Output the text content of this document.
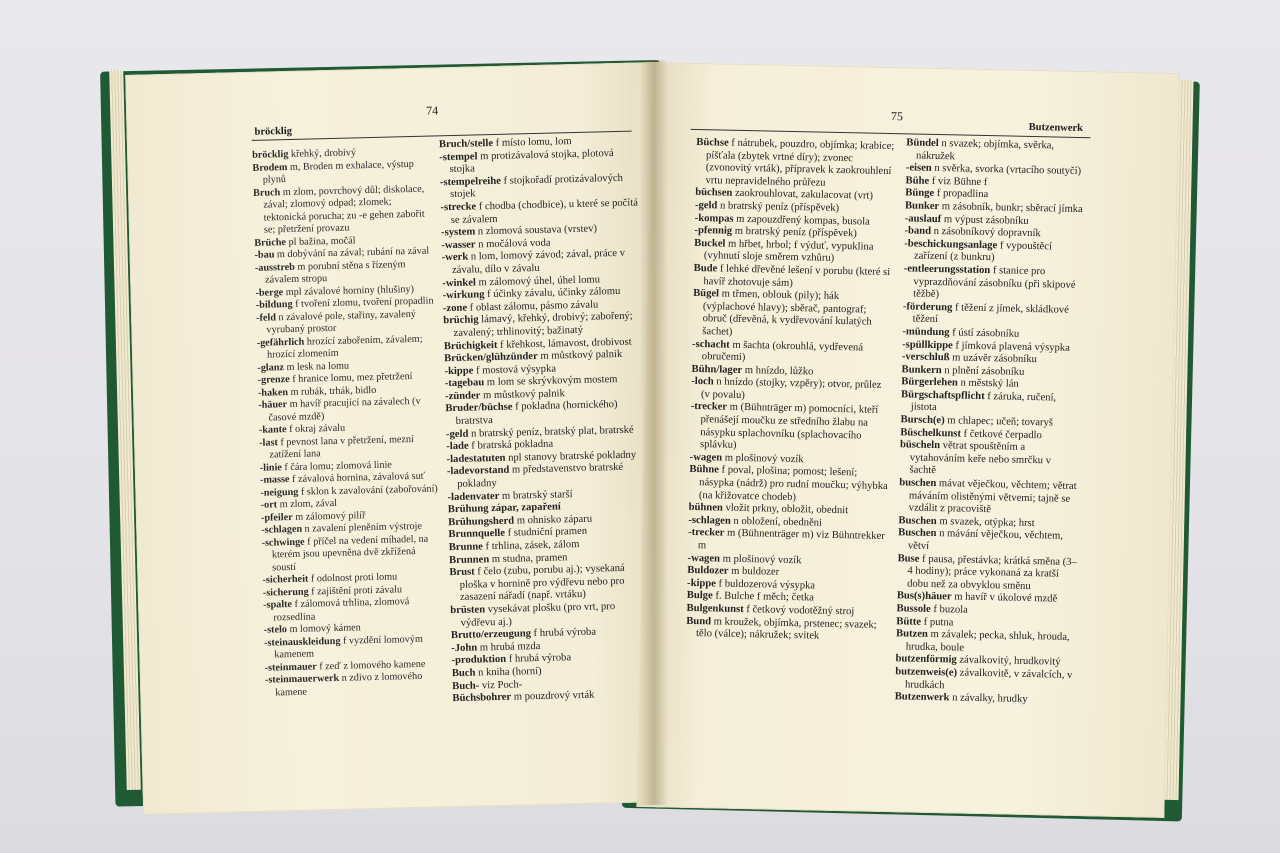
bröcklig
74

bröcklig křehký, drobivý

Brodem m, Broden m exhalace, výstup plynů

Bruch m zlom, povrchový důl; diskolace, zával; zlomový odpad; zlomek; tektonická porucha; zu -e gehen zabořit se; přetržení provazu

Brüche pl bažina, močál

-bau m dobývání na zával; rubání na zával

-ausstreb m porubní stěna s řízeným závalem stropu

-berge mpl závalové horniny (hlušiny)

-bildung f tvoření zlomu, tvoření propadlin

-feld n závalové pole, stařiny, zavalený vyrubaný prostor

-gefährlich hrozící zabořením, závalem; hrozící zlomením

-glanz m lesk na lomu

-grenze f hranice lomu, mez přetržení

-haken m rubák, trhák, bidlo

-häuer m havíř pracující na závalech (v časové mzdě)

-kante f okraj závalu

-last f pevnost lana v přetržení, mezní zatížení lana

-linie f čára lomu; zlomová linie

-masse f závalová hornina, závalová suť

-neigung f sklon k zavalování (zabořování)

-ort m zlom, zával

-pfeiler m zálomový pilíř

-schlagen n zavalení pleněním výstroje

-schwinge f příčel na vedení míhadel, na kterém jsou upevněna dvě zkřížená soustí

-sicherheit f odolnost proti lomu

-sicherung f zajištění proti závalu

-spalte f zálomová trhlina, zlomová rozsedlina

-stelo m lomový kámen

-steinauskleidung f vyzdění lomovým kamenem

-steinmauer f zeď z lomového kamene

-steinmauerwerk n zdivo z lomového kamene

Bruch/stelle f místo lomu, lom

-stempel m protizávalová stojka, plotová stojka

-stempelreihe f stojkořadí protizávalových stojek

-strecke f chodba (chodbice), u které se počítá se závalem

-system n zlomová soustava (vrstev)

-wasser n močálová voda

-werk n lom, lomový závod; zával, práce v závalu, dílo v závalu

-winkel m zálomový úhel, úhel lomu

-wirkung f účinky závalu, účinky zálomu

-zone f oblast zálomu, pásmo závalu

brüchig lámavý, křehký, drobivý; zabořený; zavalený; trhlinovitý; bažinatý

Brüchigkeit f křehkost, lámavost, drobivost

Brücken/glühzünder m můstkový palnik

-kippe f mostová výsypka

-tagebau m lom se skrývkovým mostem

-zünder m můstkový palnik

Bruder/büchse f pokladna (hornického) bratrstva

-geld n bratrský peníz, bratský plat, bratrské

-lade f bratrská pokladna

-ladestatuten npl stanovy bratrské pokladny

-ladevorstand m představenstvo bratrské pokladny

-ladenvater m bratrský starší

Brühung zápar, zapaření

Brühungsherd m ohnisko záparu

Brunnquelle f studniční pramen

Brunne f trhlina, zásek, zálom

Brunnen m studna, pramen

Brust f čelo (zubu, porubu aj.); vysekaná ploška v hornině pro výdřevu nebo pro zasazení nářadí (např. vrtáku)

brüsten vysekávat plošku (pro vrt, pro výdřevu aj.)

Brutto/erzeugung f hrubá výroba

-John m hrubá mzda

-produktion f hrubá výroba

Buch n kniha (horní)

Buch- viz Poch-

Büchsbohrer m pouzdrový vrták

75
Butzenwerk

Büchse f nátrubek, pouzdro, objímka; krabice; píšťala (zbytek vrtné díry); zvonec (zvonovitý vrták), přípravek k zaokrouhlení vrtu nepravidelného průřezu

büchsen zaokrouhlovat, zakulacovat (vrt)

-geld n bratrský peníz (příspěvek)

-kompas m zapouzdřený kompas, busola

-pfennig m bratrský peníz (příspěvek)

Buckel m hřbet, hrbol; f výduť, vypuklina (vyhnutí sloje směrem vzhůru)

Bude f lehké dřevěné lešení v porubu (které si havíř zhotovuje sám)

Bügel m třmen, oblouk (pily); hák (výplachové hlavy); sběrač, pantograf; obruč (dřevěná, k vydřevování kulatých šachet)

-schacht m šachta (okrouhlá, vydřevená obručemi)

Bühn/lager m hnízdo, lůžko

-loch n hnízdo (stojky, vzpěry); otvor, průlez (v povalu)

-trecker m (Bühnträger m) pomocníci, kteří přenášejí moučku ze středního žlabu na násypku splachovníku (splachovacího splávku)

-wagen m plošinový vozík

Bühne f poval, plošina; pomost; lešení; násypka (nádrž) pro rudní moučku; výhybka (na křižovatce chodeb)

bühnen vložit prkny, obložit, obednit

-schlagen n obložení, obedněni

-trecker m (Bühnenträger m) viz Bühntrekker m

-wagen m plošinový vozík

Buldozer m buldozer

-kippe f buldozerová výsypka

Bulge f. Bulche f měch; četka

Bulgenkunst f četkový vodotěžný stroj

Bund m kroužek, objímka, prstenec; svazek; tělo (válce); nákružek; svitek

Bündel n svazek; objímka, svěrka, nákružek

-eisen n svěrka, svorka (vrtacího soutyčí)

Bühe f viz Bühne f

Bünge f propadlina

Bunker m zásobník, bunkr; sběrací jímka

-auslauf m výpust zásobníku

-band n zásobníkový dopravník

-beschickungsanlage f vypouštěcí zařízení (z bunkru)

-entleerungsstation f stanice pro vyprazdňování zásobníku (při skipové těžbě)

-förderung f těžení z jímek, skládkové těžení

-mündung f ústí zásobníku

-spüllkippe f jímková plavená výsypka

-verschluß m uzávěr zásobníku

Bunkern n plnění zásobníku

Bürgerlehen n městský lán

Bürgschaftspflicht f záruka, ručení, jistota

Bursch(e) m chlapec; učeň; tovaryš

Büschelkunst f četkové čerpadlo

büscheln větrat spouštěním a vytahováním keře nebo smrčku v šachtě

buschen mávat věječkou, věchtem; větrat máváním olistěnými větvemi; tajně se vzdálit z pracoviště

Buschen m svazek, otýpka; hrst

Buschen n mávání věječkou, věchtem, větví

Buse f pausa, přestávka; krátká směna (3–4 hodiny); práce vykonaná za kratší dobu než za obvyklou směnu

Bus(s)häuer m havíř v úkolové mzdě

Bussole f buzola

Bütte f putna

Butzen m závalek; pecka, shluk, hrouda, hrudka, boule

butzenförmig závalkovitý, hrudkovitý

butzenweis(e) závalkovitě, v závalcích, v hrudkách

Butzenwerk n závalky, hrudky
